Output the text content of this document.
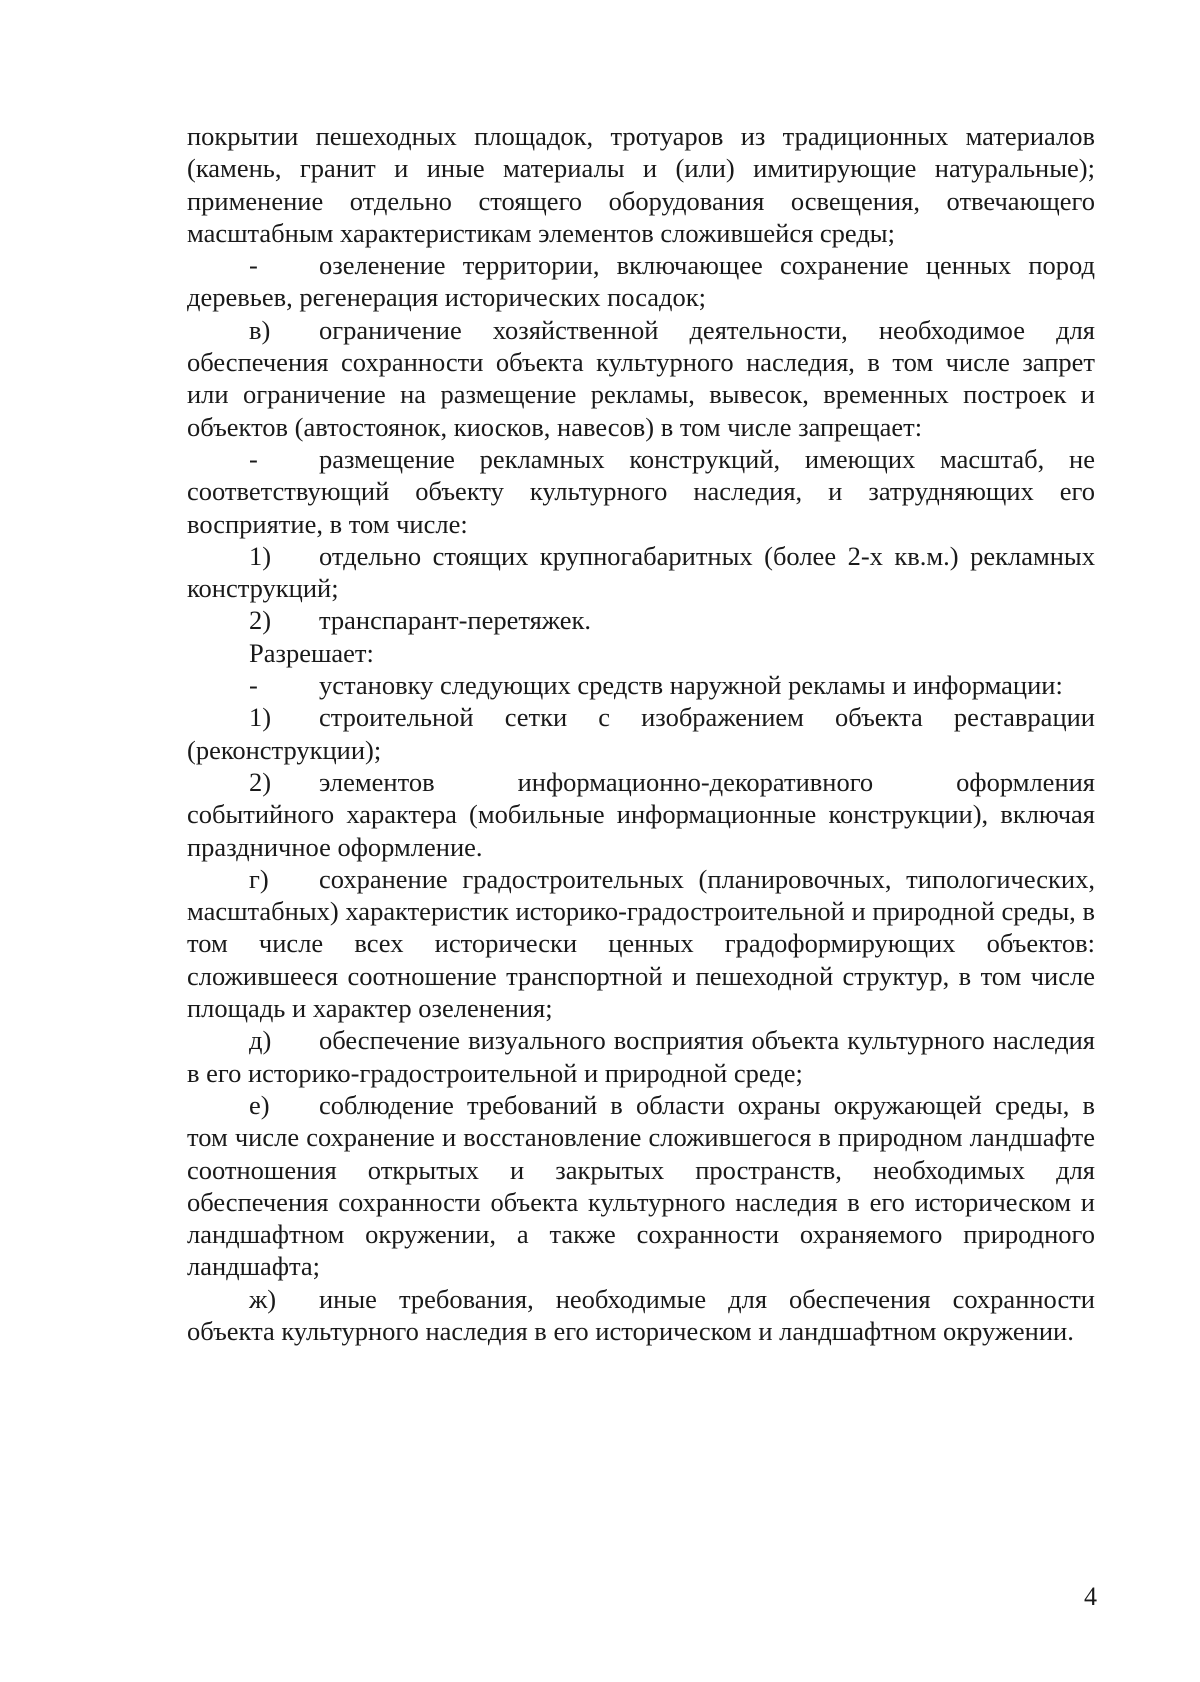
покрытии пешеходных площадок, тротуаров из традиционных материалов (камень, гранит и иные материалы и (или) имитирующие натуральные); применение отдельно стоящего оборудования освещения, отвечающего масштабным характеристикам элементов сложившейся среды;

- озеленение территории, включающее сохранение ценных пород деревьев, регенерация исторических посадок;

в) ограничение хозяйственной деятельности, необходимое для обеспечения сохранности объекта культурного наследия, в том числе запрет или ограничение на размещение рекламы, вывесок, временных построек и объектов (автостоянок, киосков, навесов) в том числе запрещает:

- размещение рекламных конструкций, имеющих масштаб, не соответствующий объекту культурного наследия, и затрудняющих его восприятие, в том числе:

1) отдельно стоящих крупногабаритных (более 2-х кв.м.) рекламных конструкций;

2) транспарант-перетяжек.

Разрешает:

- установку следующих средств наружной рекламы и информации:

1) строительной сетки с изображением объекта реставрации (реконструкции);

2) элементов информационно-декоративного оформления событийного характера (мобильные информационные конструкции), включая праздничное оформление.

г) сохранение градостроительных (планировочных, типологических, масштабных) характеристик историко-градостроительной и природной среды, в том числе всех исторически ценных градоформирующих объектов: сложившееся соотношение транспортной и пешеходной структур, в том числе площадь и характер озеленения;

д) обеспечение визуального восприятия объекта культурного наследия в его историко-градостроительной и природной среде;

е) соблюдение требований в области охраны окружающей среды, в том числе сохранение и восстановление сложившегося в природном ландшафте соотношения открытых и закрытых пространств, необходимых для обеспечения сохранности объекта культурного наследия в его историческом и ландшафтном окружении, а также сохранности охраняемого природного ландшафта;

ж) иные требования, необходимые для обеспечения сохранности объекта культурного наследия в его историческом и ландшафтном окружении.

4
